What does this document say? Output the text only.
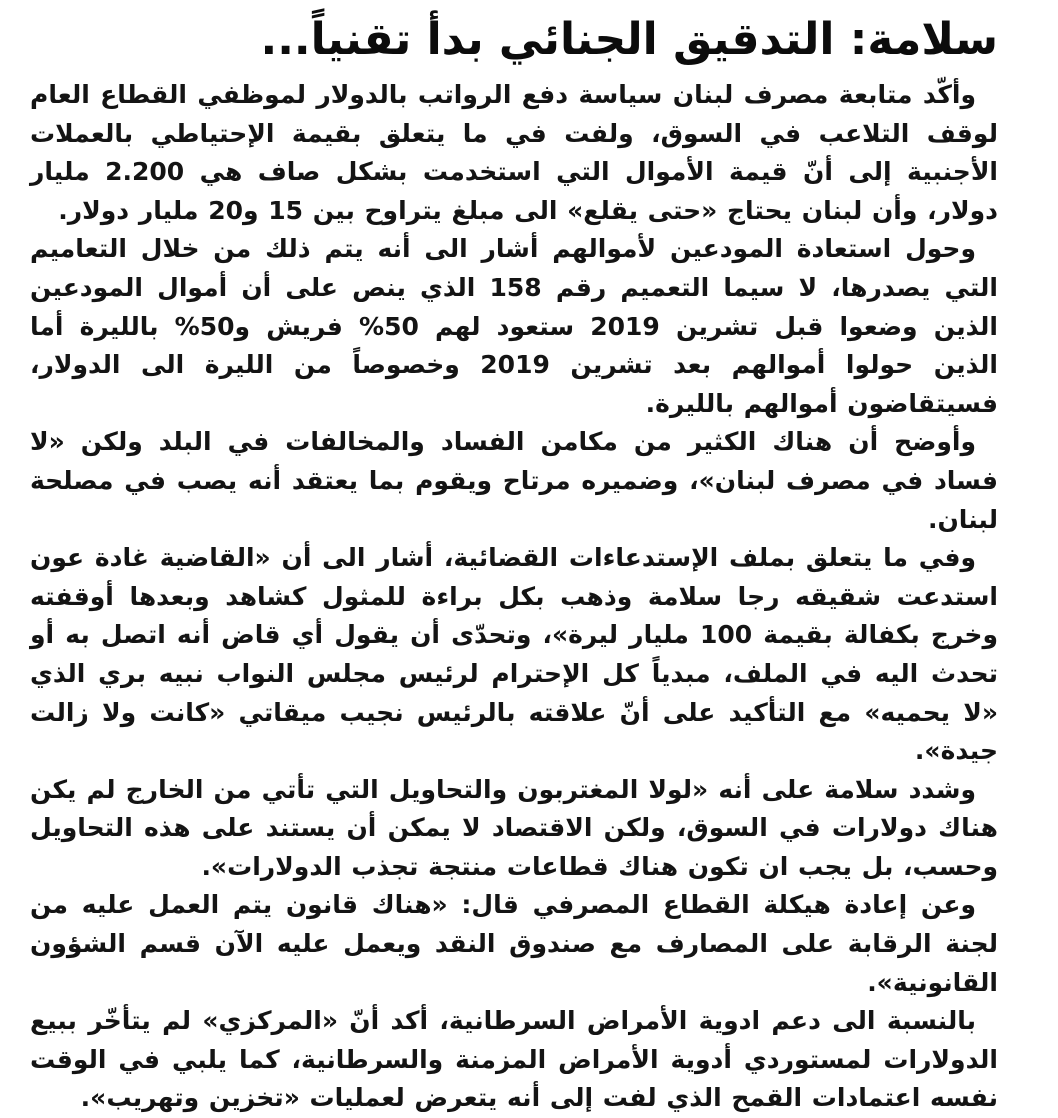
سلامة: التدقيق الجنائي بدأ تقنياً...

وأكّد متابعة مصرف لبنان سياسة دفع الرواتب بالدولار لموظفي القطاع العام لوقف التلاعب في السوق، ولفت في ما يتعلق بقيمة الإحتياطي بالعملات الأجنبية إلى أنّ قيمة الأموال التي استخدمت بشكل صاف هي 2.200 مليار دولار، وأن لبنان يحتاج «حتى يقلع» الى مبلغ يتراوح بين 15 و20 مليار دولار.

وحول استعادة المودعين لأموالهم أشار الى أنه يتم ذلك من خلال التعاميم التي يصدرها، لا سيما التعميم رقم 158 الذي ينص على أن أموال المودعين الذين وضعوا قبل تشرين 2019 ستعود لهم 50% فريش و50% بالليرة أما الذين حولوا أموالهم بعد تشرين 2019 وخصوصاً من الليرة الى الدولار، فسيتقاضون أموالهم بالليرة.

وأوضح أن هناك الكثير من مكامن الفساد والمخالفات في البلد ولكن «لا فساد في مصرف لبنان»، وضميره مرتاح ويقوم بما يعتقد أنه يصب في مصلحة لبنان.

وفي ما يتعلق بملف الإستدعاءات القضائية، أشار الى أن «القاضية غادة عون استدعت شقيقه رجا سلامة وذهب بكل براءة للمثول كشاهد وبعدها أوقفته وخرج بكفالة بقيمة 100 مليار ليرة»، وتحدّى أن يقول أي قاض أنه اتصل به أو تحدث اليه في الملف، مبدياً كل الإحترام لرئيس مجلس النواب نبيه بري الذي «لا يحميه» مع التأكيد على أنّ علاقته بالرئيس نجيب ميقاتي «كانت ولا زالت جيدة».

وشدد سلامة على أنه «لولا المغتربون والتحاويل التي تأتي من الخارج لم يكن هناك دولارات في السوق، ولكن الاقتصاد لا يمكن أن يستند على هذه التحاويل وحسب، بل يجب ان تكون هناك قطاعات منتجة تجذب الدولارات».

وعن إعادة هيكلة القطاع المصرفي قال: «هناك قانون يتم العمل عليه من لجنة الرقابة على المصارف مع صندوق النقد ويعمل عليه الآن قسم الشؤون القانونية».

بالنسبة الى دعم ادوية الأمراض السرطانية، أكد أنّ «المركزي» لم يتأخّر ببيع الدولارات لمستوردي أدوية الأمراض المزمنة والسرطانية، كما يلبي في الوقت نفسه اعتمادات القمح الذي لفت إلى أنه يتعرض لعمليات «تخزين وتهريب».
